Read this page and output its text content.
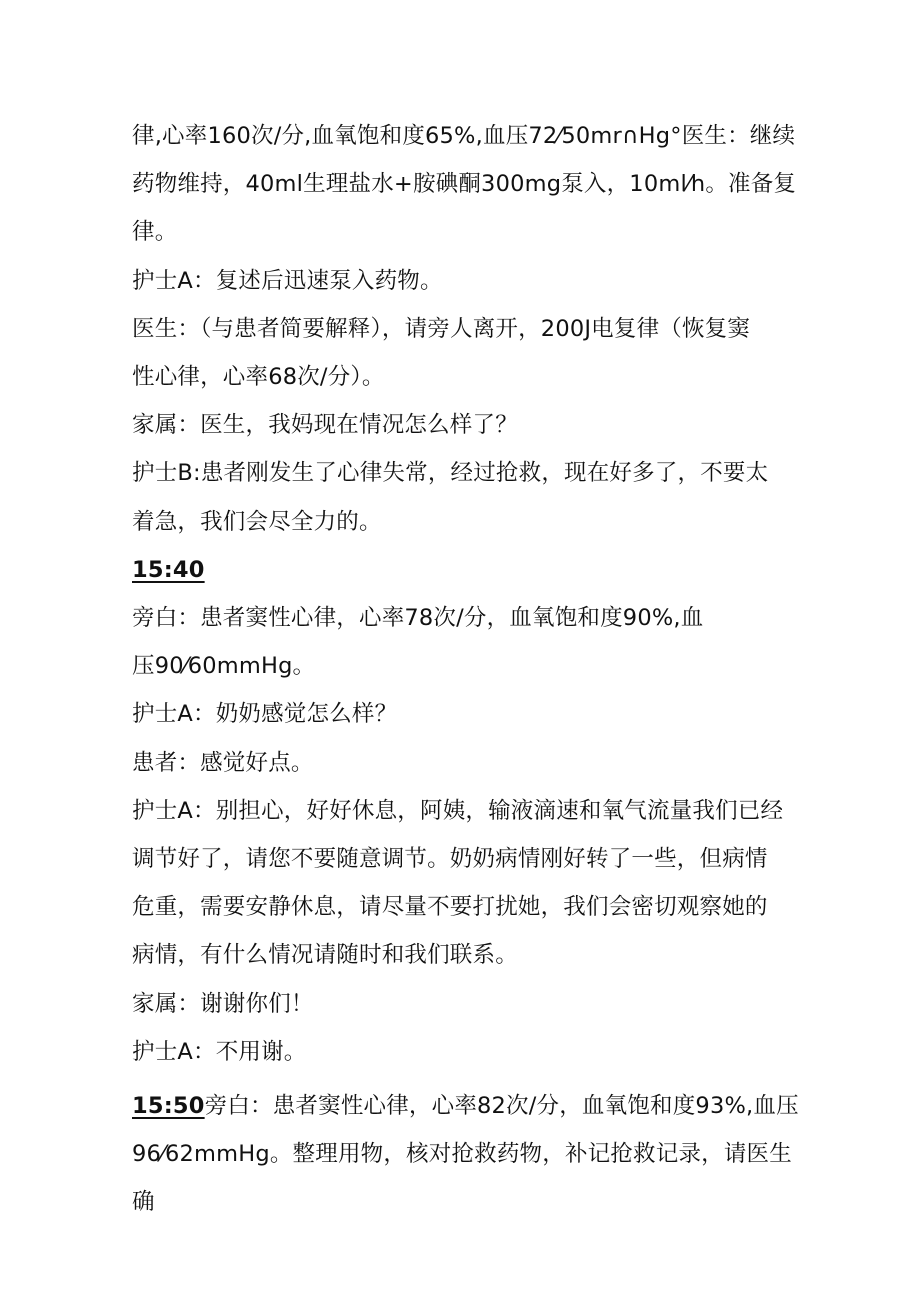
律,心率160次/分,血氧饱和度65%,血压72⁄50mr∩Hg°医生：继续
药物维持，40ml生理盐水+胺碘酮300mg泵入，10ml⁄h。准备复
律。

护士A：复述后迅速泵入药物。

医生：（与患者简要解释），请旁人离开，200J电复律（恢复窦
性心律，心率68次/分）。

家属：医生，我妈现在情况怎么样了？

护士B:患者刚发生了心律失常，经过抢救，现在好多了，不要太
着急，我们会尽全力的。

15:40

旁白：患者窦性心律，心率78次/分，血氧饱和度90%,血
压90⁄60mmHg。

护士A：奶奶感觉怎么样？

患者：感觉好点。

护士A：别担心，好好休息，阿姨，输液滴速和氧气流量我们已经
调节好了，请您不要随意调节。奶奶病情刚好转了一些，但病情
危重，需要安静休息，请尽量不要打扰她，我们会密切观察她的
病情，有什么情况请随时和我们联系。

家属：谢谢你们！

护士A：不用谢。

15:50旁白：患者窦性心律，心率82次/分，血氧饱和度93%,血压
96⁄62mmHg。整理用物，核对抢救药物，补记抢救记录，请医生确
